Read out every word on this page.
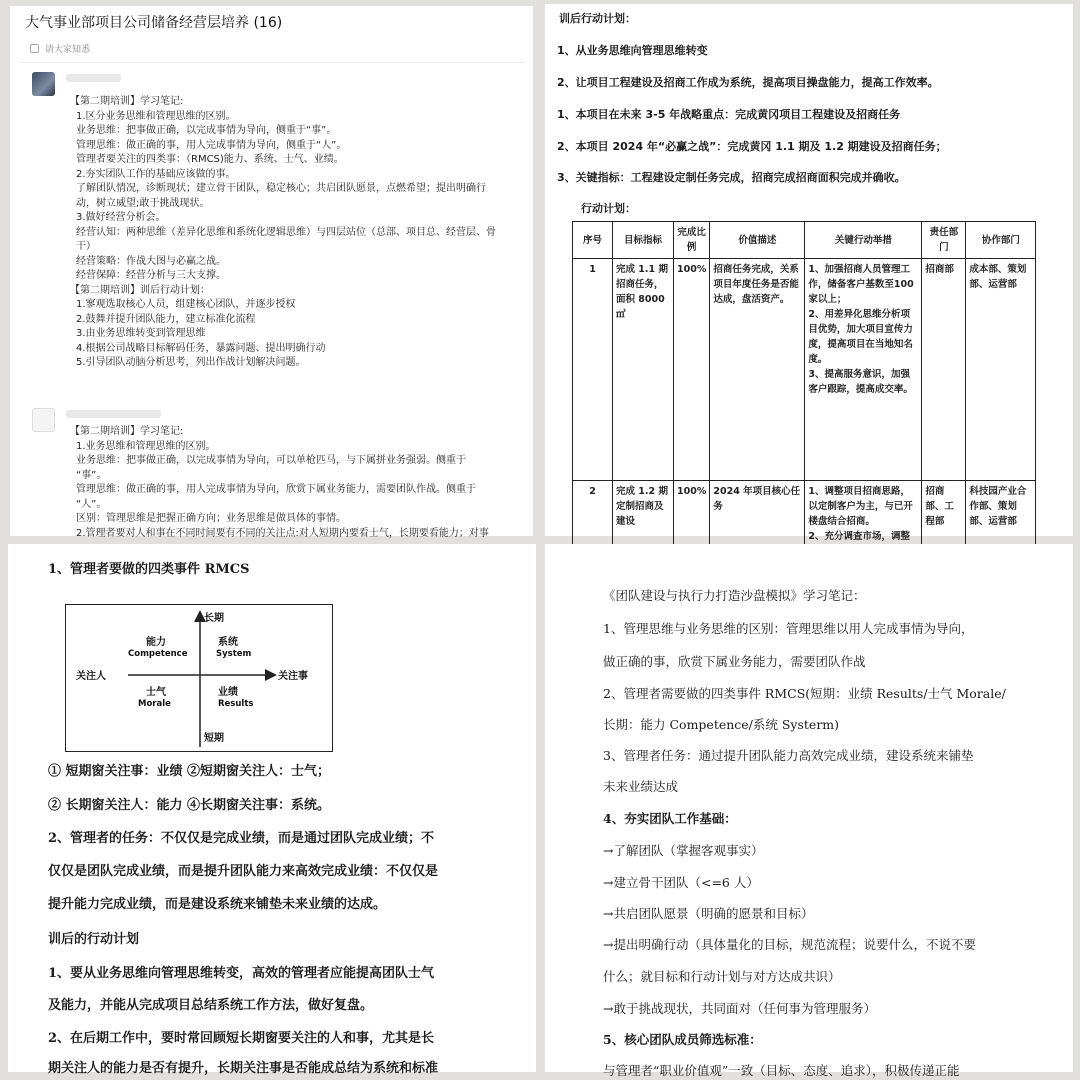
大气事业部项目公司储备经营层培养 (16)
请大家知悉
【第二期培训】学习笔记:
1.区分业务思维和管理思维的区别。
业务思维：把事做正确，以完成事情为导向，侧重于“事”。
管理思维：做正确的事，用人完成事情为导向，侧重于“人”。
管理者要关注的四类事：（RMCS)能力、系统、士气、业绩。
2.夯实团队工作的基础应该做的事。
了解团队情况，诊断现状；建立骨干团队，稳定核心；共启团队愿景，点燃希望；提出明确行
动，树立威望;敢于挑战现状。
3.做好经营分析会。
经营认知：两种思维（差异化思维和系统化逻辑思维）与四层站位（总部、项目总、经营层、骨
干）
经营策略：作战大图与必赢之战。
经营保障：经营分析与三大支撑。
【第二期培训】训后行动计划：
1.寥观选取核心人员，组建核心团队，并逐步授权
2.鼓舞并提升团队能力，建立标准化流程
3.由业务思维转变到管理思维
4.根据公司战略目标解码任务，暴露问题、提出明确行动
5.引导团队动脑分析思考，列出作战计划解决问题。
【第二期培训】学习笔记:
1.业务思维和管理思维的区别。
业务思维：把事做正确，以完成事情为导向，可以单枪匹马，与下属拼业务强弱。侧重于
“事”。
管理思维：做正确的事，用人完成事情为导向，欣赏下属业务能力，需要团队作战。侧重于
“人”。
区别：管理思维是把握正确方向；业务思维是做具体的事情。
2.管理者要对人和事在不同时间要有不同的关注点:对人短期内要看士气，长期要看能力；对事
训后行动计划：
1、从业务思维向管理思维转变
2、让项目工程建设及招商工作成为系统，提高项目操盘能力，提高工作效率。
1、本项目在未来 3-5 年战略重点：完成黄冈项目工程建设及招商任务
2、本项目 2024 年“必赢之战”：完成黄冈 1.1 期及 1.2 期建设及招商任务；
3、关键指标：工程建设定制任务完成，招商完成招商面积完成并确收。
行动计划：
序号	目标指标	完成比例	价值描述	关键行动举措	责任部门	协作部门
1	完成 1.1 期招商任务，面积 8000㎡	100%	招商任务完成，关系项目年度任务是否能达成，盘活资产。	1、加强招商人员管理工作，储备客户基数至100家以上；
2、用差异化思维分析项目优势，加大项目宣传力度，提高项目在当地知名度。
3、提高服务意识，加强客户跟踪，提高成交率。	招商部	成本部、策划部、运营部
2	完成 1.2 期定制招商及建设	100%	2024 年项目核心任务	1、调整项目招商思路，以定制客户为主，与已开楼盘结合招商。
2、充分调查市场，调整	招商部、工程部	科技园产业合作部、策划部、运营部
1、管理者要做的四类事件 RMCS
长期
短期
关注人	关注事
能力
Competence
系统
System
士气
Morale
业绩
Results
① 短期窗关注事：业绩 ②短期窗关注人：士气；
② 长期窗关注人：能力 ④长期窗关注事：系统。
2、管理者的任务：不仅仅是完成业绩，而是通过团队完成业绩；不
仅仅是团队完成业绩，而是提升团队能力来高效完成业绩：不仅仅是
提升能力完成业绩，而是建设系统来铺垫未来业绩的达成。
训后的行动计划
1、要从业务思维向管理思维转变，高效的管理者应能提高团队士气
及能力，并能从完成项目总结系统工作方法，做好复盘。
2、在后期工作中，要时常回顾短长期窗要关注的人和事，尤其是长
期关注人的能力是否有提升，长期关注事是否能成总结为系统和标准
《团队建设与执行力打造沙盘模拟》学习笔记：
1、管理思维与业务思维的区别：管理思维以用人完成事情为导向，
做正确的事，欣赏下属业务能力，需要团队作战
2、管理者需要做的四类事件 RMCS(短期：业绩 Results/士气 Morale/
长期：能力 Competence/系统 Systerm)
3、管理者任务：通过提升团队能力高效完成业绩，建设系统来铺垫
未来业绩达成
4、夯实团队工作基础：
→了解团队（掌握客观事实）
→建立骨干团队（<=6 人）
→共启团队愿景（明确的愿景和目标）
→提出明确行动（具体量化的目标，规范流程；说要什么，不说不要
什么；就目标和行动计划与对方达成共识）
→敢于挑战现状，共同面对（任何事为管理服务）
5、核心团队成员筛选标准：
与管理者“职业价值观”一致（目标、态度、追求），积极传递正能
